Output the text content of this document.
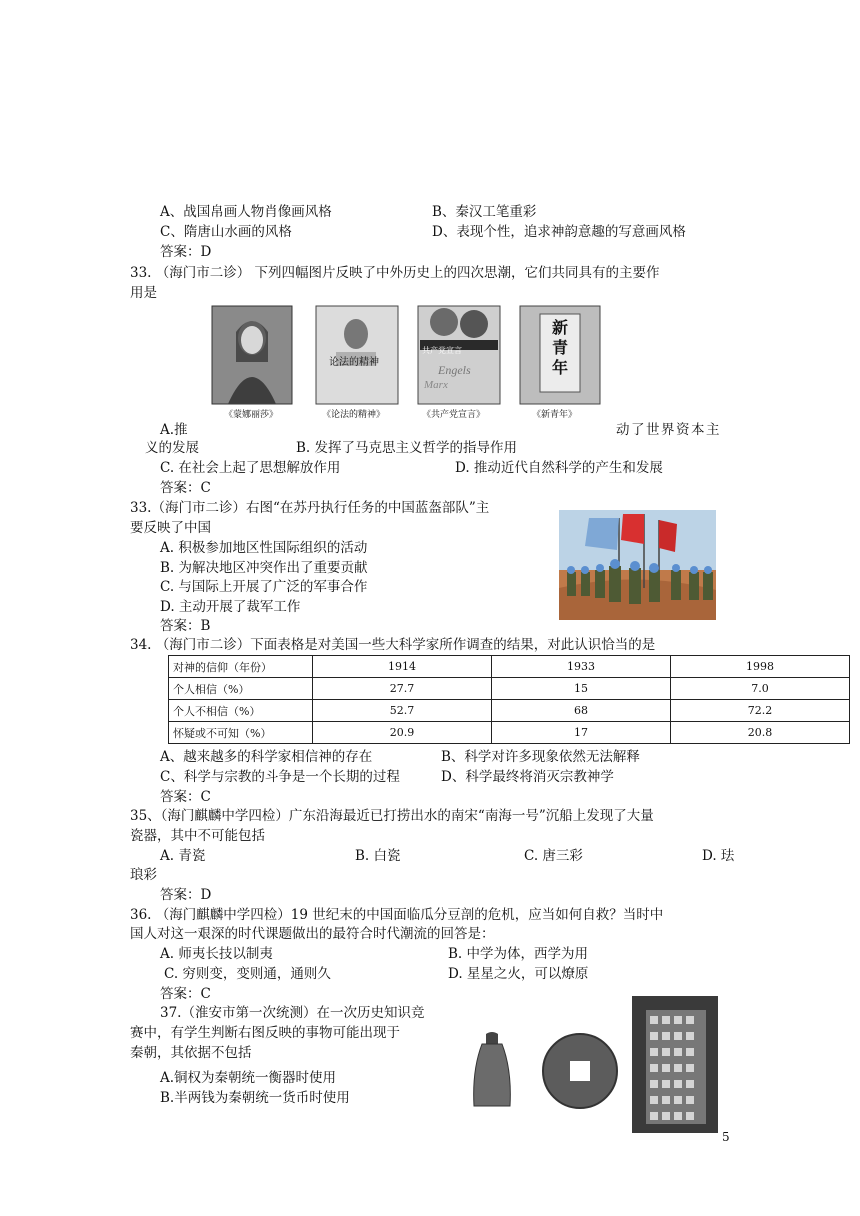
A、战国帛画人物肖像画风格	B、秦汉工笔重彩
C、隋唐山水画的风格	D、表现个性，追求神韵意趣的写意画风格
答案：D
33. （海门市二诊） 下列四幅图片反映了中外历史上的四次思潮，它们共同具有的主要作
用是
Engels
Marx
论法的精神
共产党宣言
新青年
《蒙娜丽莎》	《论法的精神》	《共产党宣言》	《新青年》
A.推	动了世界资本主
义的发展	B. 发挥了马克思主义哲学的指导作用
C. 在社会上起了思想解放作用	D. 推动近代自然科学的产生和发展
答案：C
33.（海门市二诊）右图“在苏丹执行任务的中国蓝盔部队”主
要反映了中国
A. 积极参加地区性国际组织的活动
B. 为解决地区冲突作出了重要贡献
C. 与国际上开展了广泛的军事合作
D. 主动开展了裁军工作
答案：B
34. （海门市二诊）下面表格是对美国一些大科学家所作调查的结果，对此认识恰当的是
对神的信仰（年份）	1914	1933	1998
个人相信（%）	27.7	15	7.0
个人不相信（%）	52.7	68	72.2
怀疑或不可知（%）	20.9	17	20.8
A、越来越多的科学家相信神的存在	B、科学对许多现象依然无法解释
C、科学与宗教的斗争是一个长期的过程	D、科学最终将消灭宗教神学
答案：C
35、（海门麒麟中学四检）广东沿海最近已打捞出水的南宋“南海一号”沉船上发现了大量
瓷器，其中不可能包括
A. 青瓷	B. 白瓷	C. 唐三彩	D. 珐
琅彩
答案：D
36. （海门麒麟中学四检）19 世纪末的中国面临瓜分豆剖的危机，应当如何自救？当时中
国人对这一艰深的时代课题做出的最符合时代潮流的回答是：
A. 师夷长技以制夷	B. 中学为体，西学为用
C. 穷则变，变则通，通则久	D. 星星之火，可以燎原
答案：C
37.（淮安市第一次统测）在一次历史知识竞
赛中，有学生判断右图反映的事物可能出现于
秦朝，其依据不包括
A.铜权为秦朝统一衡器时使用
B.半两钱为秦朝统一货币时使用
5
